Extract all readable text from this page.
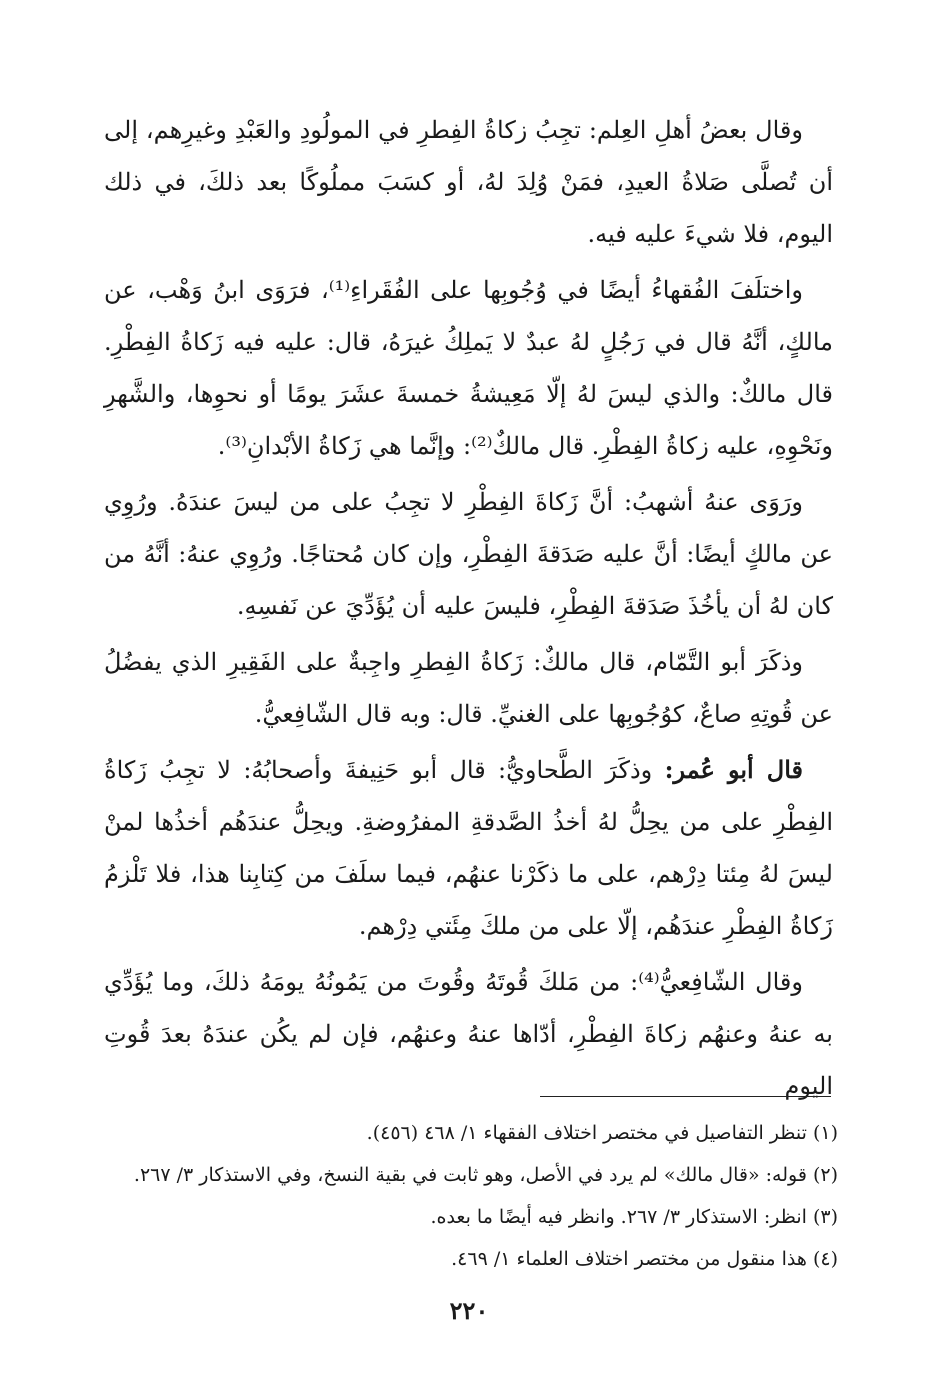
وقال بعضُ أهلِ العِلم: تجِبُ زكاةُ الفِطرِ في المولُودِ والعَبْدِ وغيرِهم، إلى أن تُصلَّى صَلاةُ العيدِ، فمَنْ وُلِدَ لهُ، أو كسَبَ مملُوكًا بعد ذلكَ، في ذلك اليوم، فلا شيءَ عليه فيه.

واختلَفَ الفُقهاءُ أيضًا في وُجُوبِها على الفُقَراءِ⁽¹⁾، فرَوَى ابنُ وَهْب، عن مالكٍ، أنَّهُ قال في رَجُلٍ لهُ عبدٌ لا يَملِكُ غيرَهُ، قال: عليه فيه زَكاةُ الفِطْرِ. قال مالكٌ: والذي ليسَ لهُ إلّا مَعِيشةُ خمسةَ عشَرَ يومًا أو نحوِها، والشَّهرِ ونَحْوِهِ، عليه زكاةُ الفِطْرِ. قال مالكٌ⁽²⁾: وإنَّما هي زَكاةُ الأبْدانِ⁽³⁾.

ورَوَى عنهُ أشهبُ: أنَّ زَكاةَ الفِطْرِ لا تجِبُ على من ليسَ عندَهُ. ورُوِي عن مالكٍ أيضًا: أنَّ عليه صَدَقةَ الفِطْرِ، وإن كان مُحتاجًا. ورُوِي عنهُ: أنَّهُ من كان لهُ أن يأخُذَ صَدَقةَ الفِطْرِ، فليسَ عليه أن يُؤَدِّيَ عن نَفسِهِ.

وذكَرَ أبو التَّمّام، قال مالكٌ: زَكاةُ الفِطرِ واجِبةٌ على الفَقِيرِ الذي يفضُلُ عن قُوتِهِ صاعٌ، كوُجُوبِها على الغنيِّ. قال: وبه قال الشّافِعيُّ.

قال أبو عُمر: وذكَرَ الطَّحاويُّ: قال أبو حَنِيفةَ وأصحابُهُ: لا تجِبُ زَكاةُ الفِطْرِ على من يحِلُّ لهُ أخذُ الصَّدقةِ المفرُوضةِ. ويحِلُّ عندَهُم أخذُها لمنْ ليسَ لهُ مِئتا دِرْهم، على ما ذكَرْنا عنهُم، فيما سلَفَ من كِتابِنا هذا، فلا تَلْزمُ زَكاةُ الفِطْرِ عندَهُم، إلّا على من ملكَ مِئَتي دِرْهم.

وقال الشّافِعيُّ⁽⁴⁾: من مَلكَ قُوتَهُ وقُوتَ من يَمُونُهُ يومَهُ ذلكَ، وما يُؤَدِّي به عنهُ وعنهُم زكاةَ الفِطْرِ، أدّاها عنهُ وعنهُم، فإن لم يكُن عندَهُ بعدَ قُوتِ اليوم

(١) تنظر التفاصيل في مختصر اختلاف الفقهاء ١/ ٤٦٨ (٤٥٦).

(٢) قوله: «قال مالك» لم يرد في الأصل، وهو ثابت في بقية النسخ، وفي الاستذكار ٣/ ٢٦٧.

(٣) انظر: الاستذكار ٣/ ٢٦٧. وانظر فيه أيضًا ما بعده.

(٤) هذا منقول من مختصر اختلاف العلماء ١/ ٤٦٩.

٢٢٠
